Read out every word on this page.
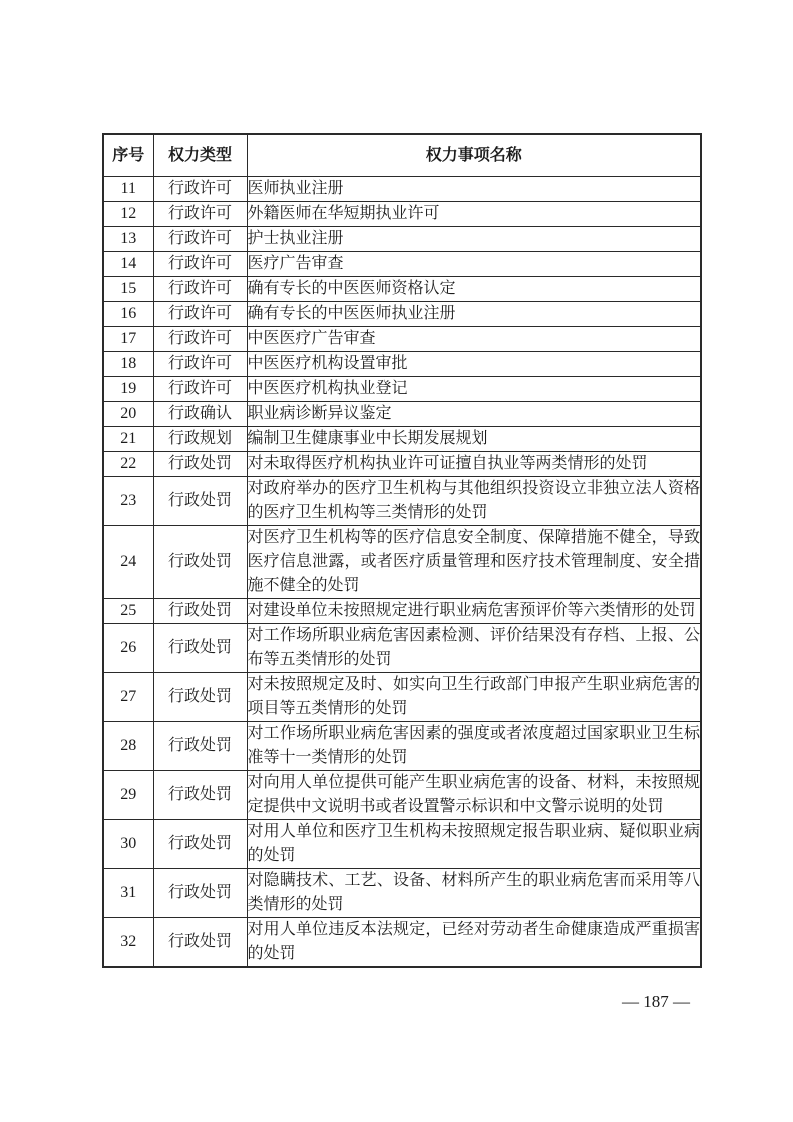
序号	权力类型	权力事项名称
11	行政许可	医师执业注册
12	行政许可	外籍医师在华短期执业许可
13	行政许可	护士执业注册
14	行政许可	医疗广告审查
15	行政许可	确有专长的中医医师资格认定
16	行政许可	确有专长的中医医师执业注册
17	行政许可	中医医疗广告审查
18	行政许可	中医医疗机构设置审批
19	行政许可	中医医疗机构执业登记
20	行政确认	职业病诊断异议鉴定
21	行政规划	编制卫生健康事业中长期发展规划
22	行政处罚	对未取得医疗机构执业许可证擅自执业等两类情形的处罚
23	行政处罚	对政府举办的医疗卫生机构与其他组织投资设立非独立法人资格的医疗卫生机构等三类情形的处罚
24	行政处罚	对医疗卫生机构等的医疗信息安全制度、保障措施不健全，导致医疗信息泄露，或者医疗质量管理和医疗技术管理制度、安全措施不健全的处罚
25	行政处罚	对建设单位未按照规定进行职业病危害预评价等六类情形的处罚
26	行政处罚	对工作场所职业病危害因素检测、评价结果没有存档、上报、公布等五类情形的处罚
27	行政处罚	对未按照规定及时、如实向卫生行政部门申报产生职业病危害的项目等五类情形的处罚
28	行政处罚	对工作场所职业病危害因素的强度或者浓度超过国家职业卫生标准等十一类情形的处罚
29	行政处罚	对向用人单位提供可能产生职业病危害的设备、材料，未按照规定提供中文说明书或者设置警示标识和中文警示说明的处罚
30	行政处罚	对用人单位和医疗卫生机构未按照规定报告职业病、疑似职业病的处罚
31	行政处罚	对隐瞒技术、工艺、设备、材料所产生的职业病危害而采用等八类情形的处罚
32	行政处罚	对用人单位违反本法规定，已经对劳动者生命健康造成严重损害的处罚
— 187 —
